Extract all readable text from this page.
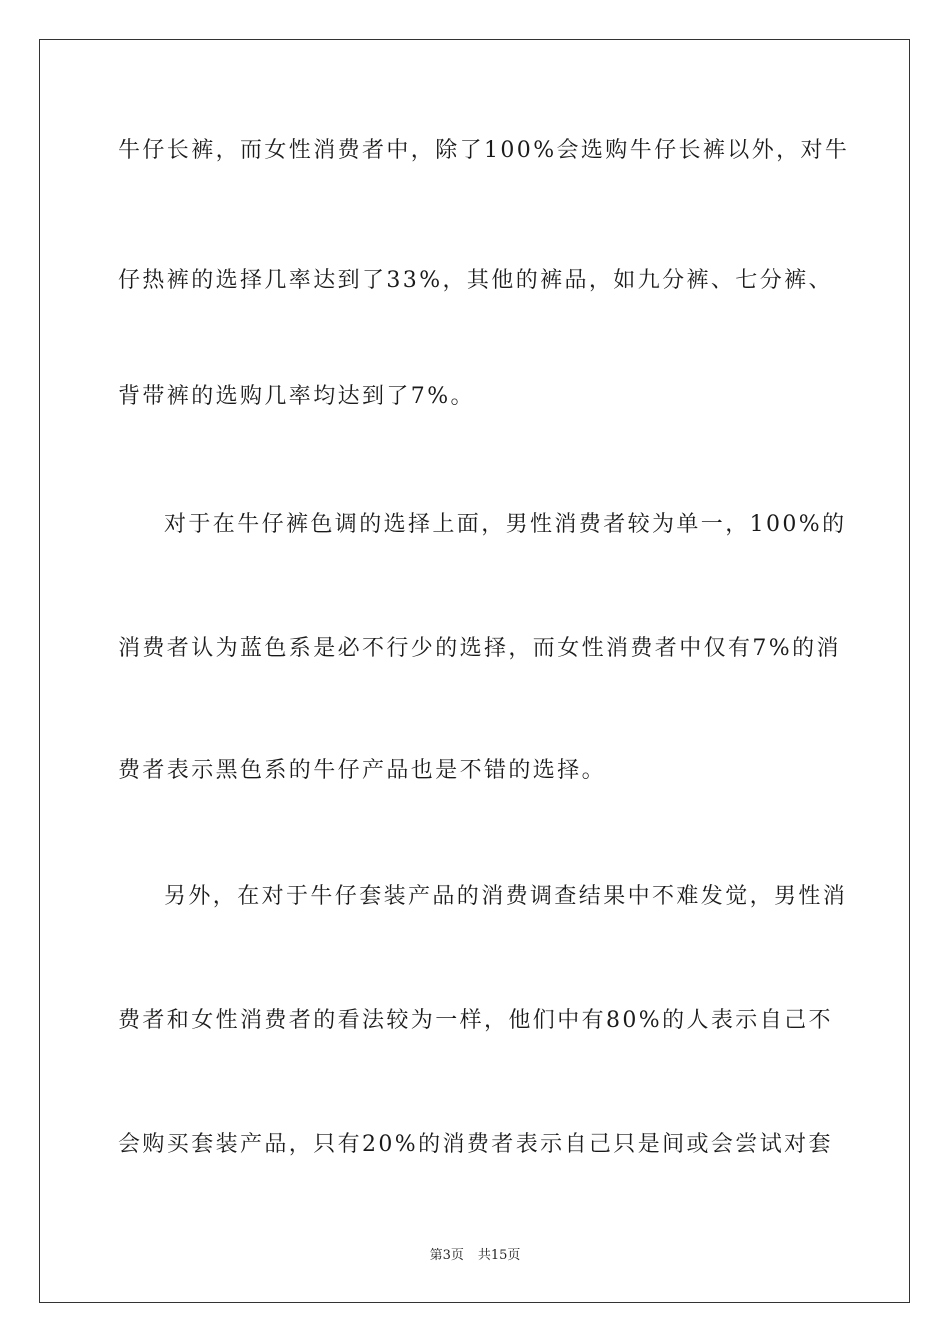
牛仔长裤，而女性消费者中，除了100%会选购牛仔长裤以外，对牛
仔热裤的选择几率达到了33%，其他的裤品，如九分裤、七分裤、
背带裤的选购几率均达到了7%。
对于在牛仔裤色调的选择上面，男性消费者较为单一，100%的
消费者认为蓝色系是必不行少的选择，而女性消费者中仅有7%的消
费者表示黑色系的牛仔产品也是不错的选择。
另外，在对于牛仔套装产品的消费调查结果中不难发觉，男性消
费者和女性消费者的看法较为一样，他们中有80%的人表示自己不
会购买套装产品，只有20%的消费者表示自己只是间或会尝试对套
第3页 共15页
